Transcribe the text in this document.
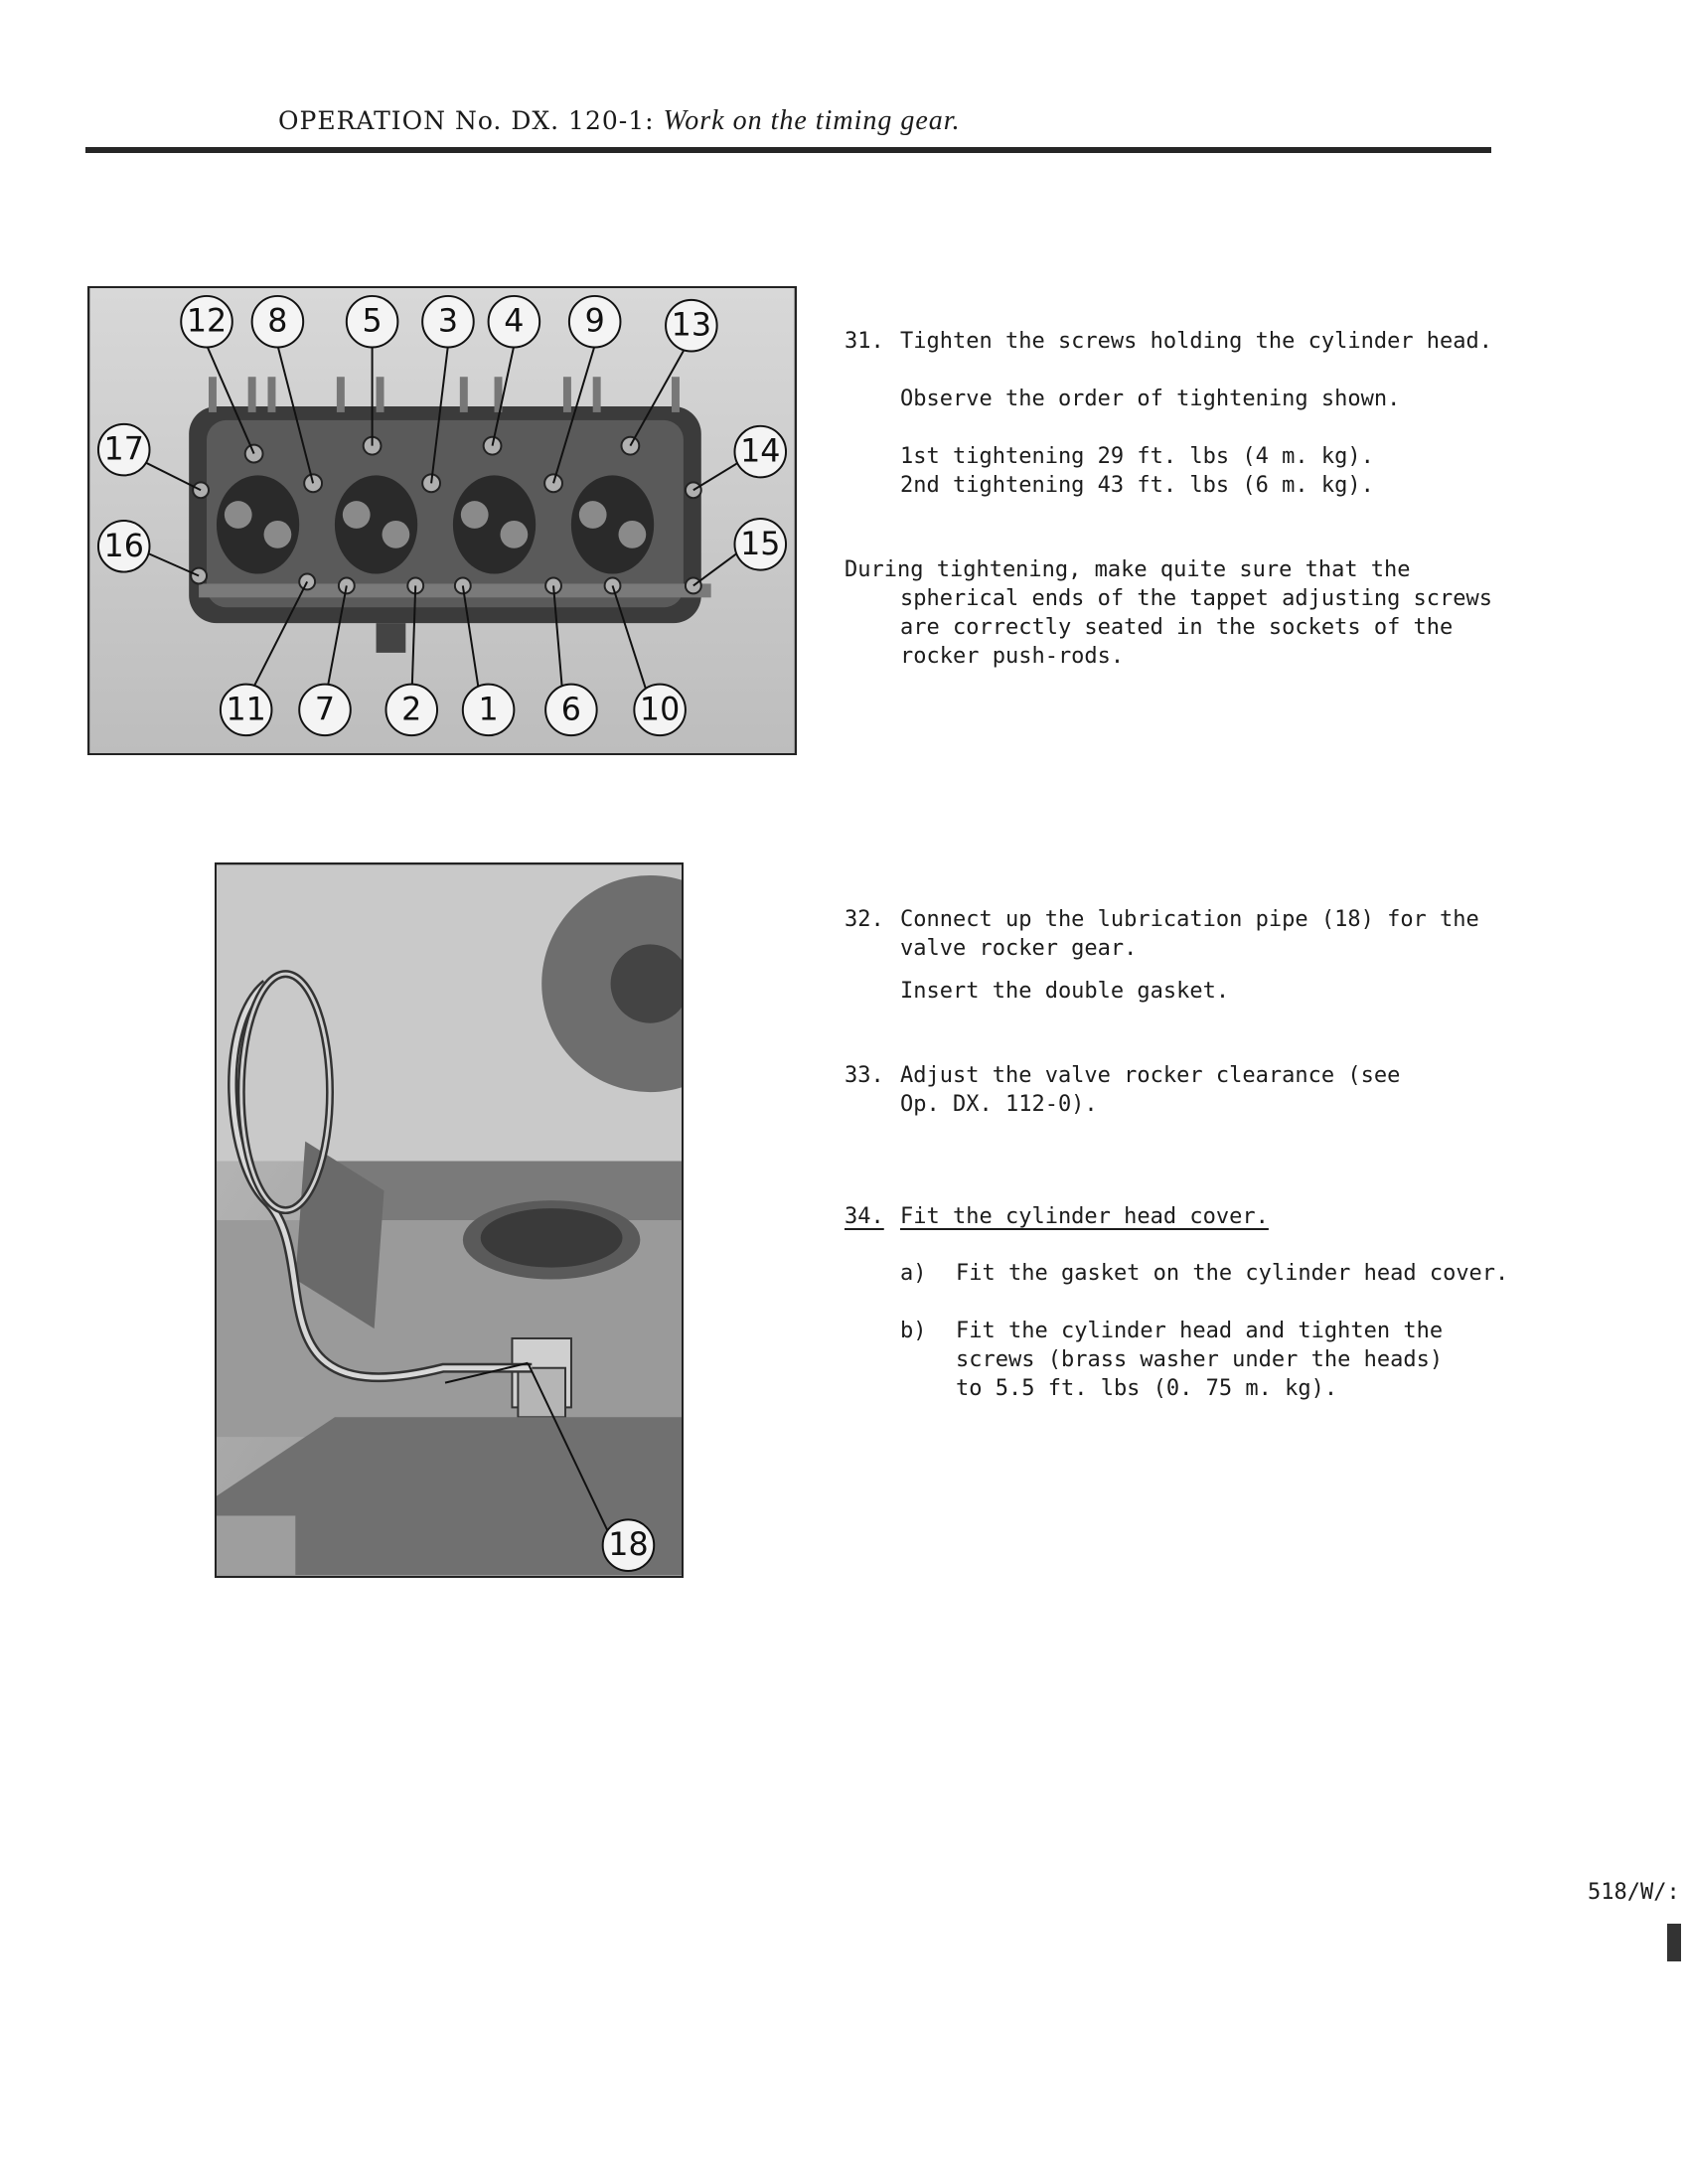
OPERATION No. DX. 120-1: Work on the timing gear.
12 8 5 3 4 9 13
17
16
14
15
11 7 2 1 6 10
31. Tighten the screws holding the cylinder head.
Observe the order of tightening shown.
1st tightening 29 ft. lbs (4 m. kg).
2nd tightening 43 ft. lbs (6 m. kg).
During tightening, make quite sure that the
spherical ends of the tappet adjusting screws
are correctly seated in the sockets of the
rocker push-rods.
18
32. Connect up the lubrication pipe (18) for the
valve rocker gear.
Insert the double gasket.
33. Adjust the valve rocker clearance (see
Op. DX. 112-0).
34. Fit the cylinder head cover.
a) Fit the gasket on the cylinder head cover.
b) Fit the cylinder head and tighten the
screws (brass washer under the heads)
to 5.5 ft. lbs (0. 75 m. kg).
518/W/:
